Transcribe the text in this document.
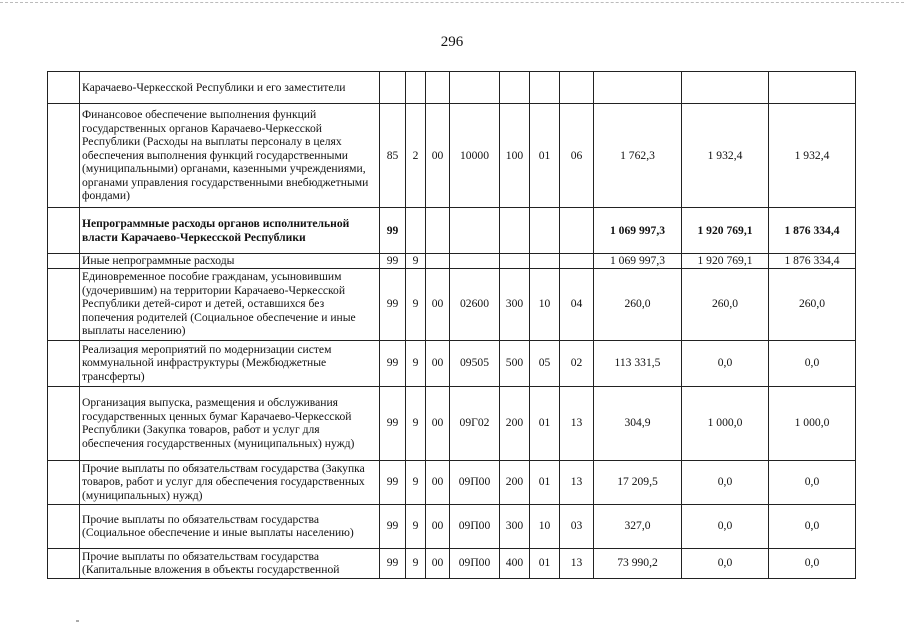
296
	Карачаево-Черкесской Республики и его заместители										
	Финансовое обеспечение выполнения функций государственных органов Карачаево-Черкесской Республики (Расходы на выплаты персоналу в целях обеспечения выполнения функций государственными (муниципальными) органами, казенными учреждениями, органами управления государственными внебюджетными фондами)	85	2	00	10000	100	01	06	1 762,3	1 932,4	1 932,4
	Непрограммные расходы органов исполнительной власти Карачаево-Черкесской Республики	99							1 069 997,3	1 920 769,1	1 876 334,4
	Иные непрограммные расходы	99	9						1 069 997,3	1 920 769,1	1 876 334,4
	Единовременное пособие гражданам, усыновившим (удочерившим) на территории Карачаево-Черкесской Республики детей-сирот и детей, оставшихся без попечения родителей (Социальное обеспечение и иные выплаты населению)	99	9	00	02600	300	10	04	260,0	260,0	260,0
	Реализация мероприятий по модернизации систем коммунальной инфраструктуры (Межбюджетные трансферты)	99	9	00	09505	500	05	02	113 331,5	0,0	0,0
	Организация выпуска, размещения и обслуживания государственных ценных бумаг Карачаево-Черкесской Республики (Закупка товаров, работ и услуг для обеспечения государственных (муниципальных) нужд)	99	9	00	09Г02	200	01	13	304,9	1 000,0	1 000,0
	Прочие выплаты по обязательствам государства (Закупка товаров, работ и услуг для обеспечения государственных (муниципальных) нужд)	99	9	00	09П00	200	01	13	17 209,5	0,0	0,0
	Прочие выплаты по обязательствам государства (Социальное обеспечение и иные выплаты населению)	99	9	00	09П00	300	10	03	327,0	0,0	0,0
	Прочие выплаты по обязательствам государства (Капитальные вложения в объекты государственной	99	9	00	09П00	400	01	13	73 990,2	0,0	0,0
